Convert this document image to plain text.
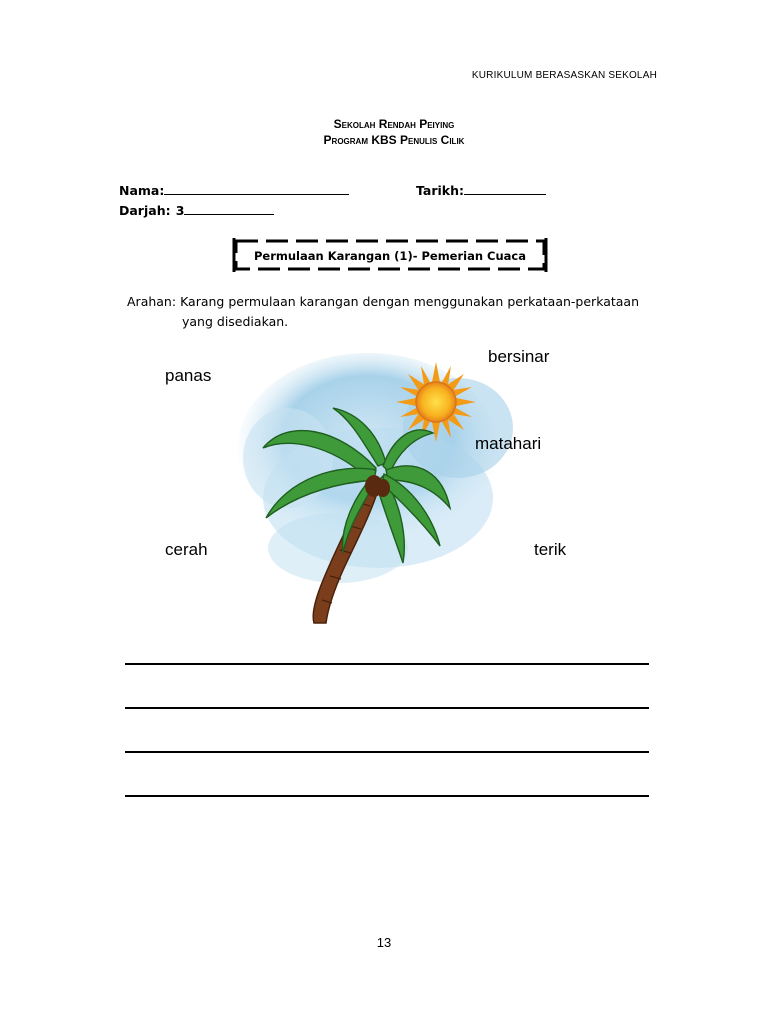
KURIKULUM BERASASKAN SEKOLAH
Sekolah Rendah Peiying
Program KBS Penulis Cilik
Nama:	Tarikh:
Darjah: 3
Permulaan Karangan (1)- Pemerian Cuaca
Arahan: Karang permulaan karangan dengan menggunakan perkataan-perkataan
yang disediakan.
bersinar
panas
matahari
cerah	terik
13
